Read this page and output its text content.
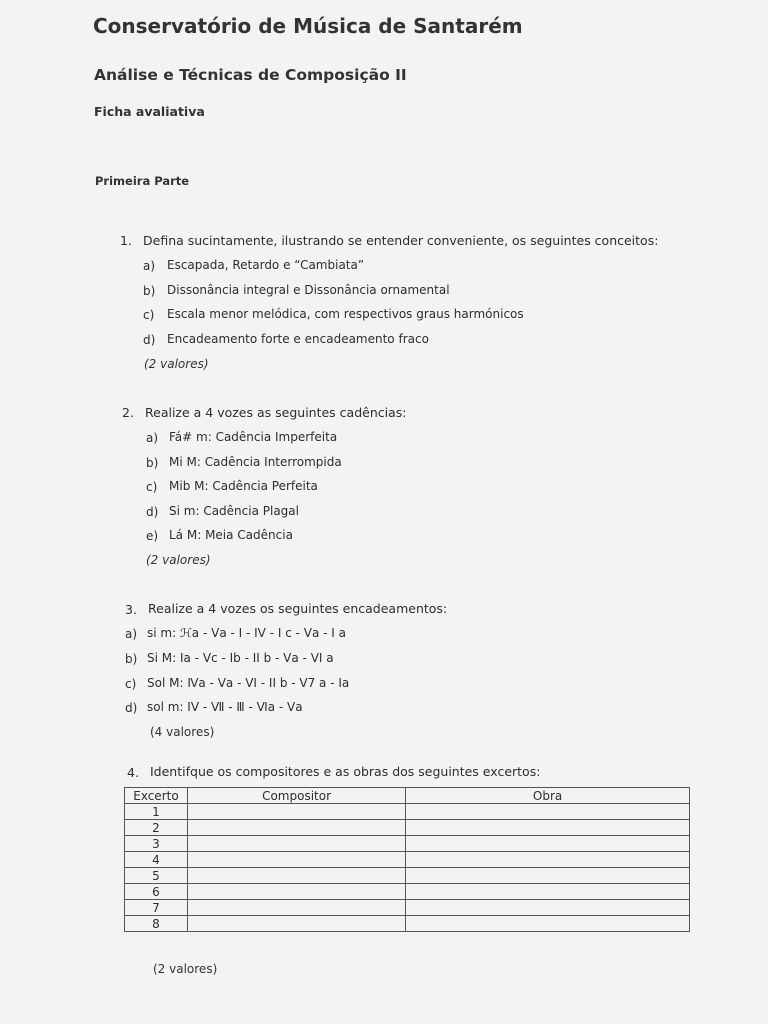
Conservatório de Música de Santarém
Análise e Técnicas de Composição II
Ficha avaliativa
Primeira Parte
1. Defina sucintamente, ilustrando se entender conveniente, os seguintes conceitos:
a) Escapada, Retardo e “Cambiata”
b) Dissonância integral e Dissonância ornamental
c) Escala menor melódica, com respectivos graus harmónicos
d) Encadeamento forte e encadeamento fraco
(2 valores)
2. Realize a 4 vozes as seguintes cadências:
a) Fá# m: Cadência Imperfeita
b) Mi M: Cadência Interrompida
c) Mib M: Cadência Perfeita
d) Si m: Cadência Plagal
e) Lá M: Meia Cadência
(2 valores)
3. Realize a 4 vozes os seguintes encadeamentos:
a) si m: ℋa - Ⅴa - I - IV - I c - Ⅴa - I a
b) Si M: Ⅰa - Ⅴc - Ⅰb - II b - Ⅴa - VI a
c) Sol M: Ⅳa - Ⅴa - VI - II b - Ⅴ7 a - Ⅰa
d) sol m: IV - Ⅶ - Ⅲ - Ⅵa - Ⅴa
(4 valores)
4. Identifque os compositores e as obras dos seguintes excertos:
Excerto	Compositor	Obra
1		
2		
3		
4		
5		
6		
7		
8		
(2 valores)
